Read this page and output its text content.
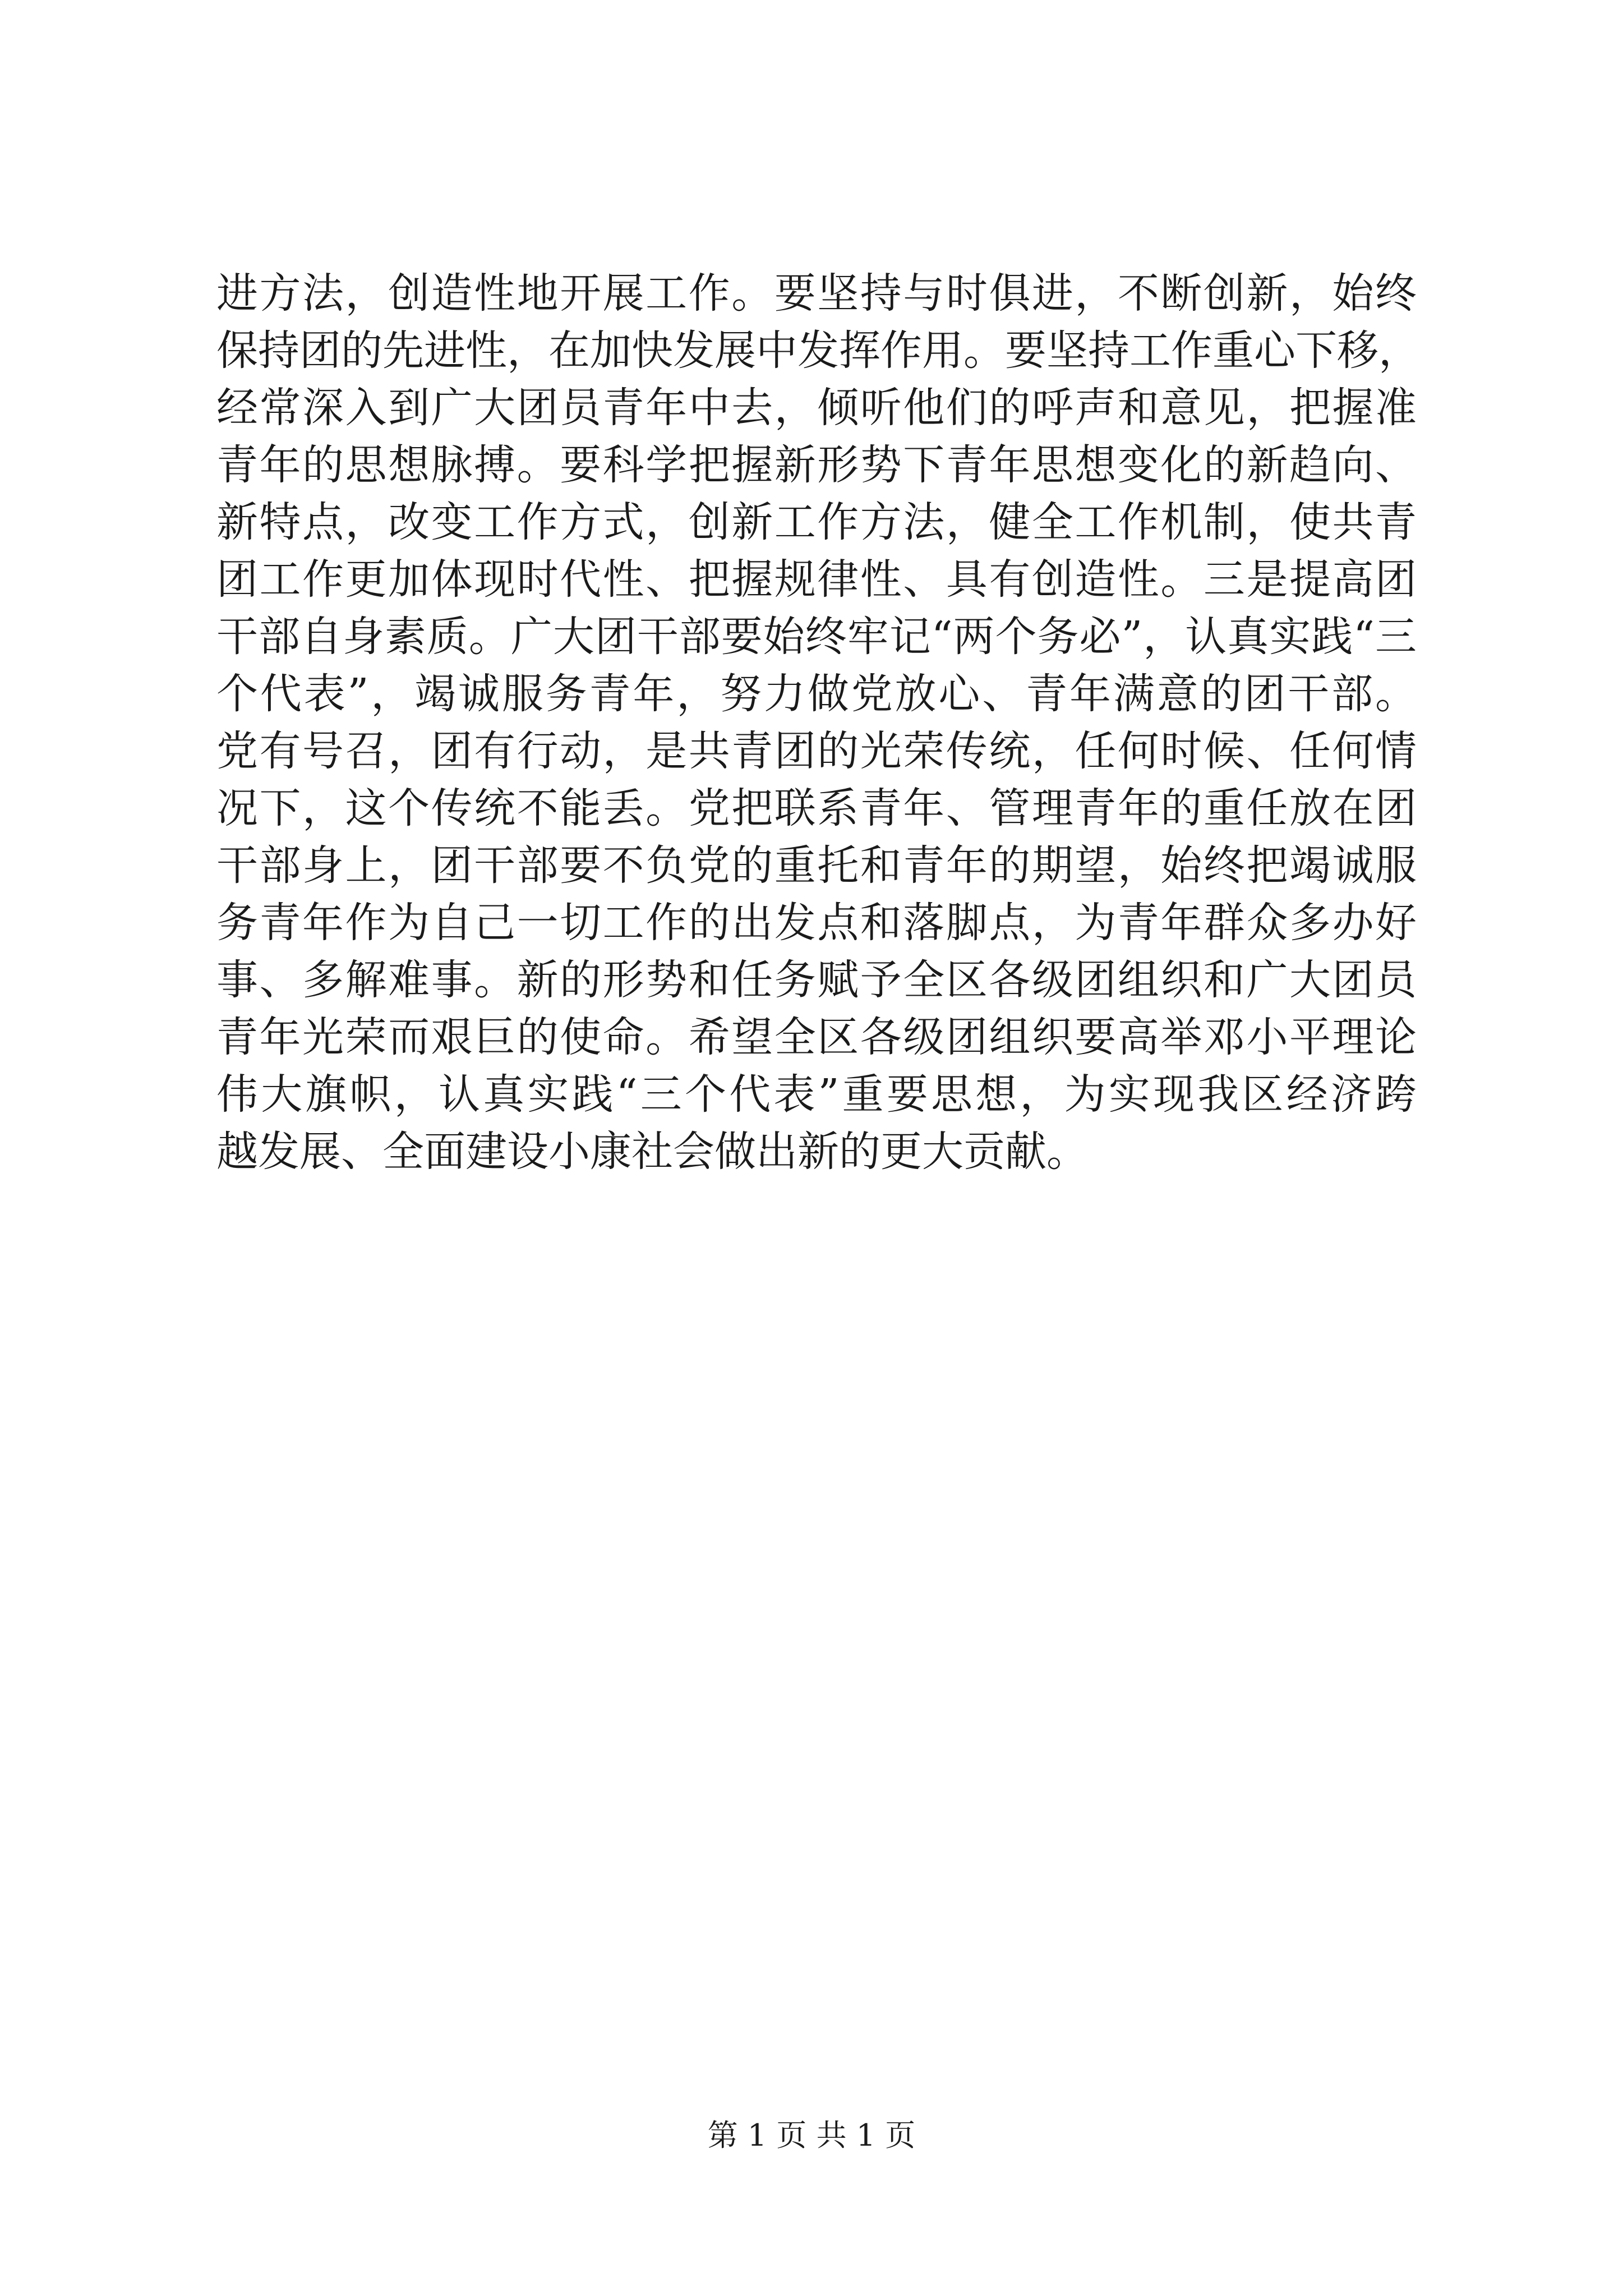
进方法，创造性地开展工作。要坚持与时俱进，不断创新，始终
保持团的先进性，在加快发展中发挥作用。要坚持工作重心下移，
经常深入到广大团员青年中去，倾听他们的呼声和意见，把握准
青年的思想脉搏。要科学把握新形势下青年思想变化的新趋向、
新特点，改变工作方式，创新工作方法，健全工作机制，使共青
团工作更加体现时代性、把握规律性、具有创造性。三是提高团
干部自身素质。广大团干部要始终牢记“两个务必”，认真实践“三
个代表”，竭诚服务青年，努力做党放心、青年满意的团干部。
党有号召，团有行动，是共青团的光荣传统，任何时候、任何情
况下，这个传统不能丢。党把联系青年、管理青年的重任放在团
干部身上，团干部要不负党的重托和青年的期望，始终把竭诚服
务青年作为自己一切工作的出发点和落脚点，为青年群众多办好
事、多解难事。新的形势和任务赋予全区各级团组织和广大团员
青年光荣而艰巨的使命。希望全区各级团组织要高举邓小平理论
伟大旗帜，认真实践“三个代表”重要思想，为实现我区经济跨
越发展、全面建设小康社会做出新的更大贡献。
第 1 页 共 1 页
